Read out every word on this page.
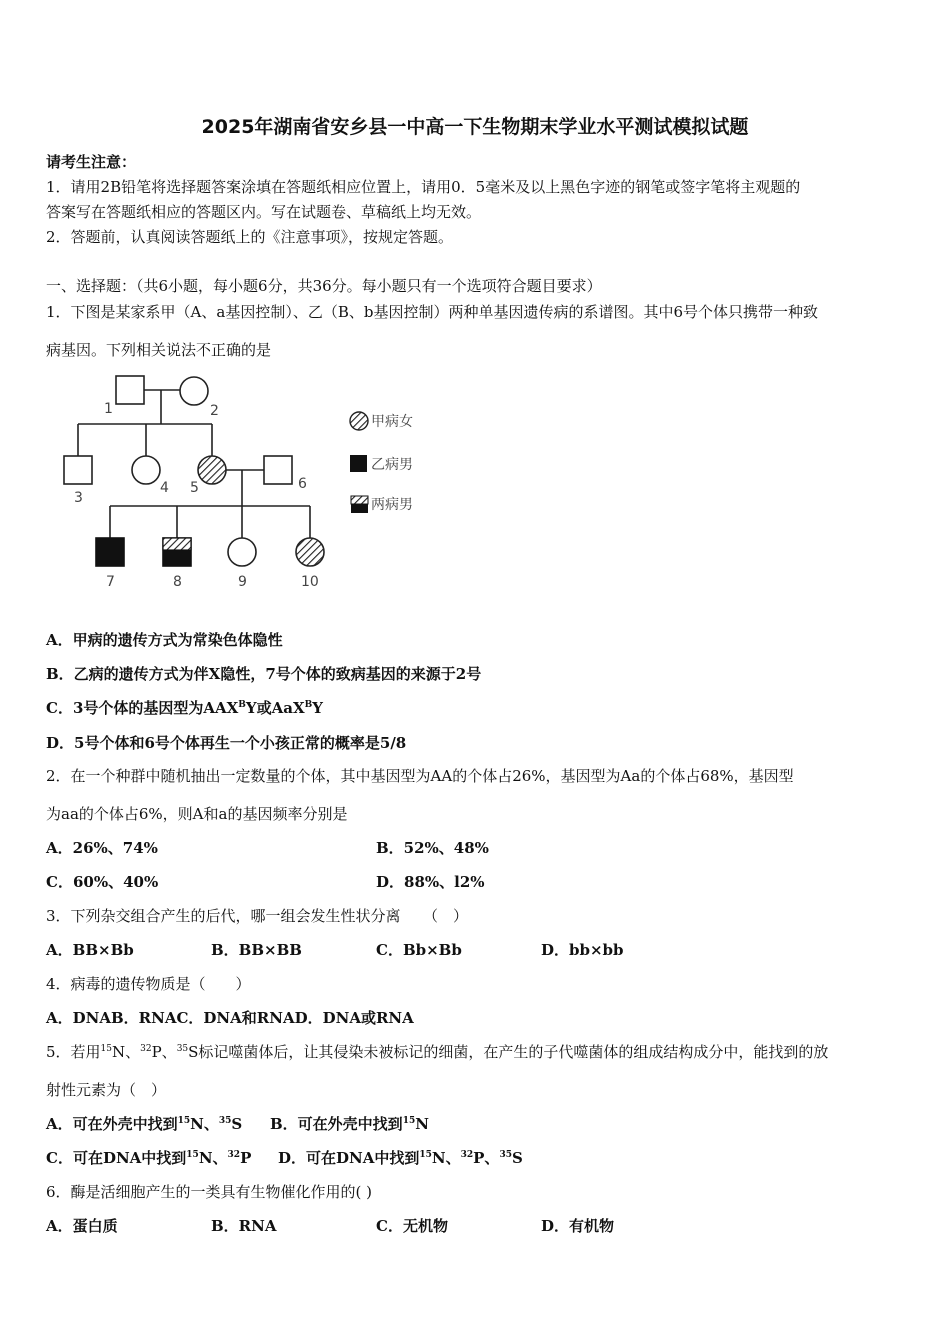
2025年湖南省安乡县一中高一下生物期末学业水平测试模拟试题
请考生注意：
1．请用2B铅笔将选择题答案涂填在答题纸相应位置上，请用0．5毫米及以上黑色字迹的钢笔或签字笔将主观题的
答案写在答题纸相应的答题区内。写在试题卷、草稿纸上均无效。
2．答题前，认真阅读答题纸上的《注意事项》，按规定答题。
一、选择题：（共6小题，每小题6分，共36分。每小题只有一个选项符合题目要求）
1．下图是某家系甲（A、a基因控制）、乙（B、b基因控制）两种单基因遗传病的系谱图。其中6号个体只携带一种致
病基因。下列相关说法不正确的是
1	2
3
4 5	6
7	8	9	10
甲病女
乙病男
两病男
A．甲病的遗传方式为常染色体隐性
B．乙病的遗传方式为伴X隐性，7号个体的致病基因的来源于2号
C．3号个体的基因型为$AAX^BY$或AaX$^B$Y
D．5号个体和6号个体再生一个小孩正常的概率是5/8
2．在一个种群中随机抽出一定数量的个体，其中基因型为AA的个体占26%，基因型为Aa的个体占68%，基因型
为aa的个体占6%，则A和a的基因频率分别是
A．26%、74%	B．52%、48%
C．60%、40%	D．88%、l2%
3．下列杂交组合产生的后代，哪一组会发生性状分离　　（　）
A．BB×Bb	B．BB×BB	C．Bb×Bb	D．bb×bb
4．病毒的遗传物质是（　　）
A．DNAB．RNAC．DNA和RNAD．DNA或RNA
5．若用$^{15}$N、$^{32}$P、$^{35}$S标记噬菌体后，让其侵染未被标记的细菌，在产生的子代噬菌体的组成结构成分中，能找到的放
射性元素为（　）
A．可在外壳中找到$^{15}$N、$^{35}$S B．可在外壳中找到$^{15}$N
C．可在DNA中找到$^{15}$N、$^{32}$P D．可在DNA中找到$^{15}$N、$^{32}$P、$^{35}$S
6．酶是活细胞产生的一类具有生物催化作用的( )
A．蛋白质	B．RNA	C．无机物	D．有机物
